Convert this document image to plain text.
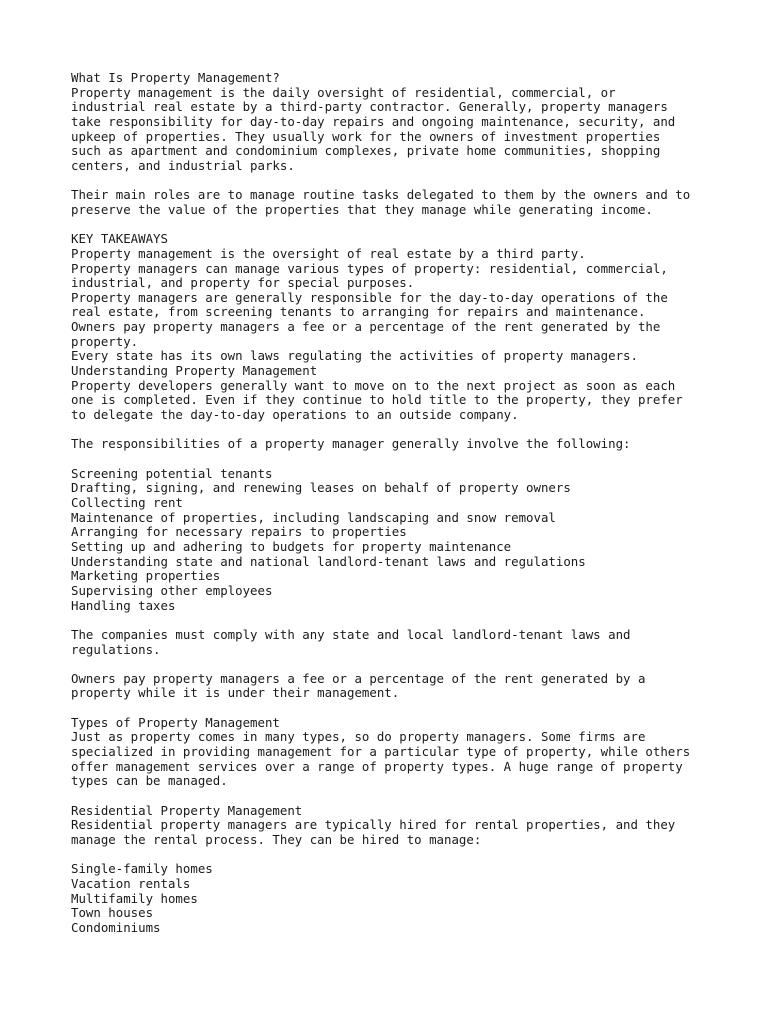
What Is Property Management?
Property management is the daily oversight of residential, commercial, or
industrial real estate by a third-party contractor. Generally, property managers
take responsibility for day-to-day repairs and ongoing maintenance, security, and
upkeep of properties. They usually work for the owners of investment properties
such as apartment and condominium complexes, private home communities, shopping
centers, and industrial parks.
Their main roles are to manage routine tasks delegated to them by the owners and to
preserve the value of the properties that they manage while generating income.
KEY TAKEAWAYS
Property management is the oversight of real estate by a third party.
Property managers can manage various types of property: residential, commercial,
industrial, and property for special purposes.
Property managers are generally responsible for the day-to-day operations of the
real estate, from screening tenants to arranging for repairs and maintenance.
Owners pay property managers a fee or a percentage of the rent generated by the
property.
Every state has its own laws regulating the activities of property managers.
Understanding Property Management
Property developers generally want to move on to the next project as soon as each
one is completed. Even if they continue to hold title to the property, they prefer
to delegate the day-to-day operations to an outside company.
The responsibilities of a property manager generally involve the following:
Screening potential tenants
Drafting, signing, and renewing leases on behalf of property owners
Collecting rent
Maintenance of properties, including landscaping and snow removal
Arranging for necessary repairs to properties
Setting up and adhering to budgets for property maintenance
Understanding state and national landlord-tenant laws and regulations
Marketing properties
Supervising other employees
Handling taxes
The companies must comply with any state and local landlord-tenant laws and
regulations.
Owners pay property managers a fee or a percentage of the rent generated by a
property while it is under their management.
Types of Property Management
Just as property comes in many types, so do property managers. Some firms are
specialized in providing management for a particular type of property, while others
offer management services over a range of property types. A huge range of property
types can be managed.
Residential Property Management
Residential property managers are typically hired for rental properties, and they
manage the rental process. They can be hired to manage:
Single-family homes
Vacation rentals
Multifamily homes
Town houses
Condominiums
